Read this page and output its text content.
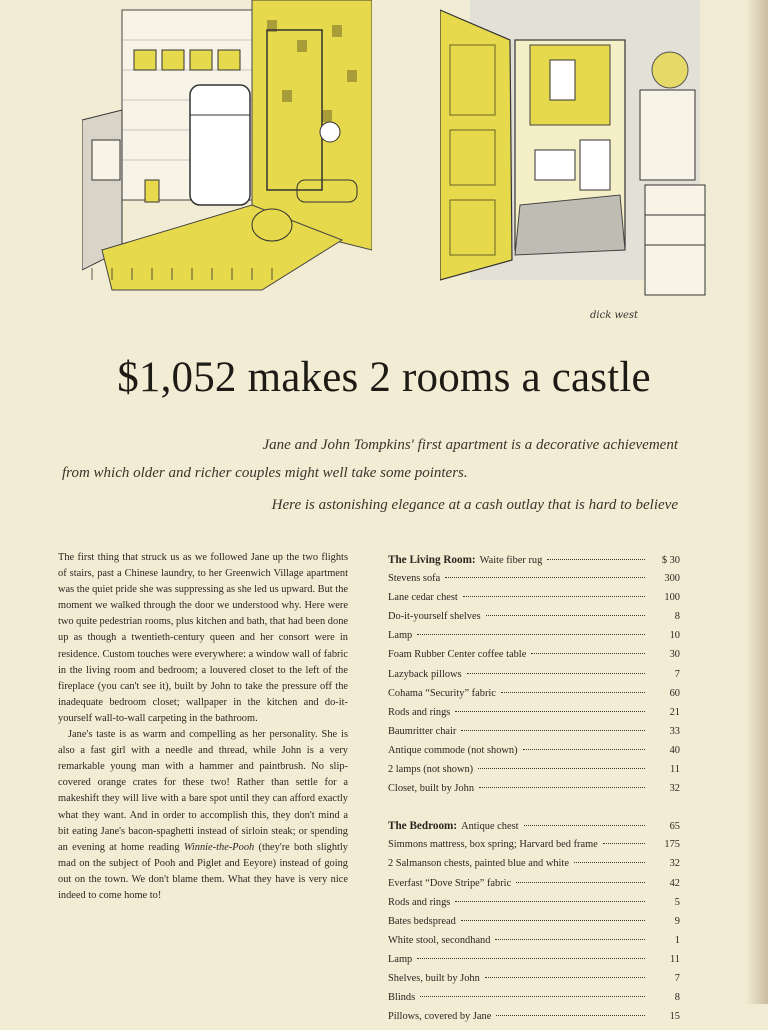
dick west
$1,052 makes 2 rooms a castle
Jane and John Tompkins' first apartment is a decorative achievement
from which older and richer couples might well take some pointers.
Here is astonishing elegance at a cash outlay that is hard to believe

The first thing that struck us as we followed Jane up the two flights of stairs, past a Chinese laundry, to her Greenwich Village apartment was the quiet pride she was suppressing as she led us upward. But the moment we walked through the door we understood why. Here were two quite pedestrian rooms, plus kitchen and bath, that had been done up as though a twentieth-century queen and her consort were in residence. Custom touches were everywhere: a window wall of fabric in the living room and bedroom; a louvered closet to the left of the fireplace (you can't see it), built by John to take the pressure off the inadequate bedroom closet; wallpaper in the kitchen and do-it-yourself wall-to-wall carpeting in the bathroom.

Jane's taste is as warm and compelling as her personality. She is also a fast girl with a needle and thread, while John is a very remarkable young man with a hammer and paintbrush. No slip-covered orange crates for these two! Rather than settle for a makeshift they will live with a bare spot until they can afford exactly what they want. And in order to accomplish this, they don't mind a bit eating Jane's bacon-spaghetti instead of sirloin steak; or spending an evening at home reading Winnie-the-Pooh (they're both slightly mad on the subject of Pooh and Piglet and Eeyore) instead of going out on the town. We don't blame them. What they have is very nice indeed to come home to!

The Living Room: Waite fiber rug	$ 30
Stevens sofa	300
Lane cedar chest	100
Do-it-yourself shelves	8
Lamp	10
Foam Rubber Center coffee table	30
Lazyback pillows	7
Cohama “Security” fabric	60
Rods and rings	21
Baumritter chair	33
Antique commode (not shown)	40
2 lamps (not shown)	11
Closet, built by John	32
The Bedroom: Antique chest	65
Simmons mattress, box spring; Harvard bed frame	175
2 Salmanson chests, painted blue and white	32
Everfast “Dove Stripe” fabric	42
Rods and rings	5
Bates bedspread	9
White stool, secondhand	1
Lamp	11
Shelves, built by John	7
Blinds	8
Pillows, covered by Jane	15
